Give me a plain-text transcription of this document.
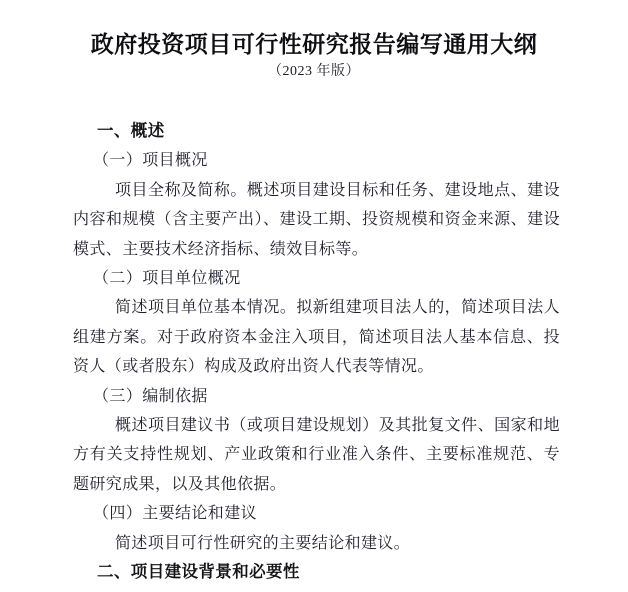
政府投资项目可行性研究报告编写通用大纲
（2023 年版）

一、概述

（一）项目概况

项目全称及简称。概述项目建设目标和任务、建设地点、建设内容和规模（含主要产出）、建设工期、投资规模和资金来源、建设模式、主要技术经济指标、绩效目标等。

（二）项目单位概况

简述项目单位基本情况。拟新组建项目法人的，简述项目法人组建方案。对于政府资本金注入项目，简述项目法人基本信息、投资人（或者股东）构成及政府出资人代表等情况。

（三）编制依据

概述项目建议书（或项目建设规划）及其批复文件、国家和地方有关支持性规划、产业政策和行业准入条件、主要标准规范、专题研究成果，以及其他依据。

（四）主要结论和建议

简述项目可行性研究的主要结论和建议。

二、项目建设背景和必要性
